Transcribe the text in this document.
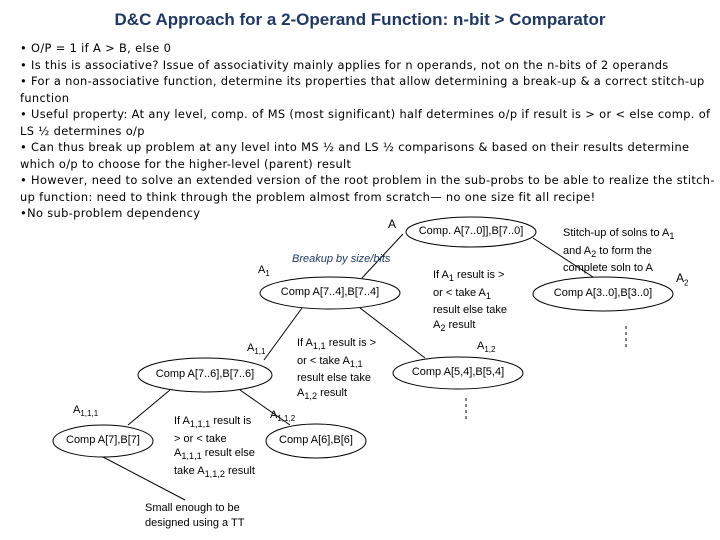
D&C Approach for a 2-Operand Function: n-bit > Comparator
• O/P = 1 if A > B, else 0
• Is this is associative? Issue of associativity mainly applies for n operands, not on the n-bits of 2 operands
• For a non-associative function, determine its properties that allow determining a break-up & a correct stitch-up function
• Useful property: At any level, comp. of MS (most significant) half determines o/p if result is > or < else comp. of LS ½ determines o/p
• Can thus break up problem at any level into MS ½ and LS ½ comparisons & based on their results determine which o/p to choose for the higher-level (parent) result
• However, need to solve an extended version of the root problem in the sub-probs to be able to realize the stitch-up function: need to think through the problem almost from scratch— no one size fit all recipe!
•No sub-problem dependency
A	Comp. A[7..0]],B[7..0]	Stitch-up of solns to $A_1$ and $A_2$ to form the complete soln to A
Breakup by size/bits
$A_1$
Comp A[7..4],B[7..4]
If $A_1$ result is > or < take $A_1$ result else take $A_2$ result
$A_2$
Comp A[3..0],B[3..0]
$A_{1,1}$
Comp A[7..6],B[7..6]
If $A_{1,1}$ result is > or < take $A_{1,1}$ result else take $A_{1,2}$ result
$A_{1,2}$
Comp A[5,4],B[5,4]
$A_{1,1,1}$
Comp A[7],B[7]
If $A_{1,1,1}$ result is > or < take $A_{1,1,1}$ result else take $A_{1,1,2}$ result
$A_{1,1,2}$
Comp A[6],B[6]
Small enough to be designed using a TT
